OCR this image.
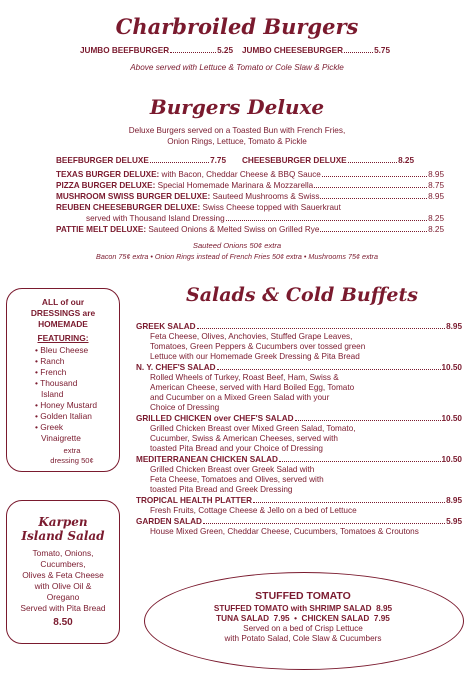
Charbroiled Burgers
JUMBO BEEFBURGER	5.25 JUMBO CHEESEBURGER	5.75
Above served with Lettuce & Tomato or Cole Slaw & Pickle
Burgers Deluxe
Deluxe Burgers served on a Toasted Bun with French Fries,
Onion Rings, Lettuce, Tomato & Pickle
BEEFBURGER DELUXE	7.75 CHEESEBURGER DELUXE	8.25
TEXAS BURGER DELUXE:
with Bacon, Cheddar Cheese & BBQ Sauce	8.95
PIZZA BURGER DELUXE:
Special Homemade Marinara & Mozzarella	8.75
MUSHROOM SWISS BURGER DELUXE:
Sauteed Mushrooms & Swiss	8.95
REUBEN CHEESEBURGER DELUXE: Swiss Cheese topped with Sauerkraut
served with Thousand Island Dressing	8.25
PATTIE MELT DELUXE:
Sauteed Onions & Melted Swiss on Grilled Rye	8.25
Sauteed Onions 50¢ extra
Bacon 75¢ extra • Onion Rings instead of French Fries 50¢ extra • Mushrooms 75¢ extra
ALL of our
DRESSINGS are
HOMEMADE
FEATURING:
• Bleu Cheese
• Ranch
• French
• Thousand
Island
• Honey Mustard
• Golden Italian
• Greek
Vinaigrette
extra
dressing 50¢
Karpen
Island Salad
Tomato, Onions,
Cucumbers,
Olives & Feta Cheese
with Olive Oil &
Oregano
Served with Pita Bread
8.50
Salads & Cold Buffets
GREEK SALAD	8.95
Feta Cheese, Olives, Anchovies, Stuffed Grape Leaves,
Tomatoes, Green Peppers & Cucumbers over tossed green
Lettuce with our Homemade Greek Dressing & Pita Bread
N. Y. CHEF'S SALAD	10.50
Rolled Wheels of Turkey, Roast Beef, Ham, Swiss &
American Cheese, served with Hard Boiled Egg, Tomato
and Cucumber on a Mixed Green Salad with your
Choice of Dressing
GRILLED CHICKEN over CHEF'S SALAD	10.50
Grilled Chicken Breast over Mixed Green Salad, Tomato,
Cucumber, Swiss & American Cheeses, served with
toasted Pita Bread and your Choice of Dressing
MEDITERRANEAN CHICKEN SALAD	10.50
Grilled Chicken Breast over Greek Salad with
Feta Cheese, Tomatoes and Olives, served with
toasted Pita Bread and Greek Dressing
TROPICAL HEALTH PLATTER	8.95
Fresh Fruits, Cottage Cheese & Jello on a bed of Lettuce
GARDEN SALAD	5.95
House Mixed Green, Cheddar Cheese, Cucumbers, Tomatoes & Croutons
STUFFED TOMATO
STUFFED TOMATO with SHRIMP SALAD 8.95
TUNA SALAD 7.95  •  CHICKEN SALAD 7.95
Served on a bed of Crisp Lettuce
with Potato Salad, Cole Slaw & Cucumbers
